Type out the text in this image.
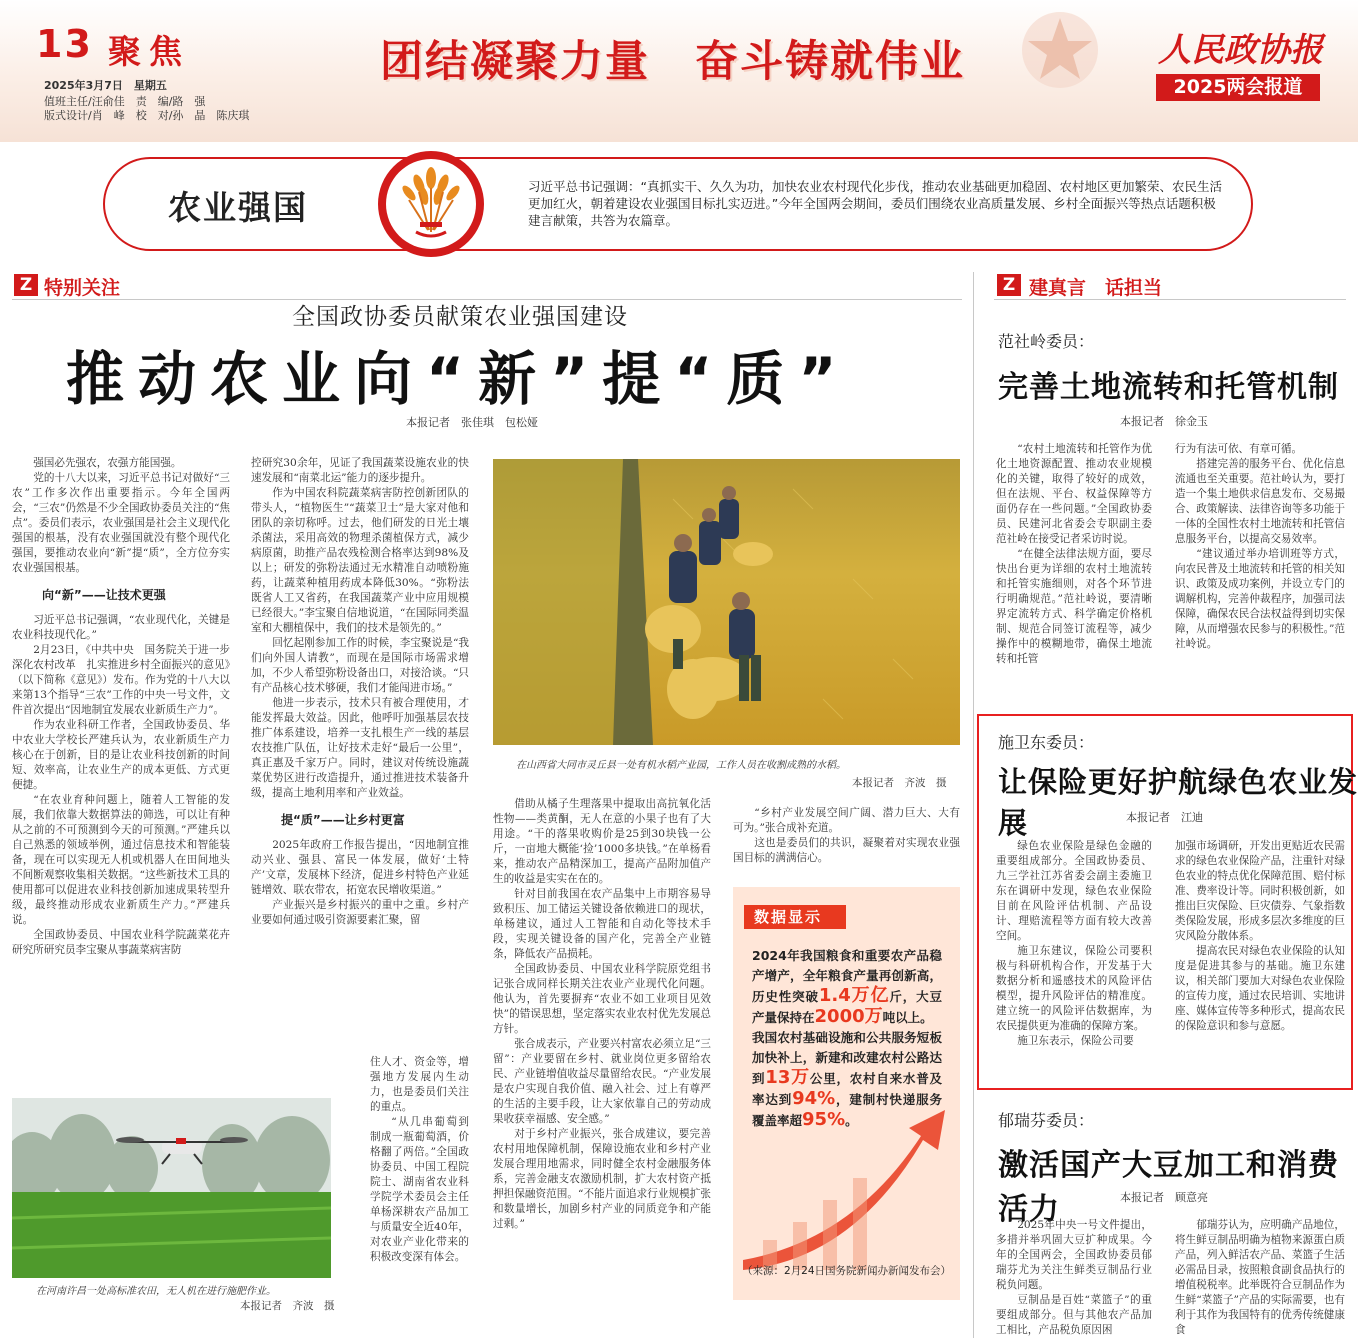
13 聚焦
2025年3月7日　星期五
值班主任/汪俞佳　责　编/路　强
版式设计/肖　峰　校　对/孙　晶　陈庆琪
团结凝聚力量　奋斗铸就伟业	人民政协报
2025两会报道
农业强国
习近平总书记强调：“真抓实干、久久为功，加快农业农村现代化步伐，推动农业基础更加稳固、农村地区更加繁荣、农民生活更加红火，朝着建设农业强国目标扎实迈进。”今年全国两会期间，委员们围绕农业高质量发展、乡村全面振兴等热点话题积极建言献策，共答为农篇章。
Z 特别关注
全国政协委员献策农业强国建设
推动农业向“新”提“质”
本报记者　张佳琪　包松娅

强国必先强农，农强方能国强。

党的十八大以来，习近平总书记对做好“三农”工作多次作出重要指示。今年全国两会，“三农”仍然是不少全国政协委员关注的“焦点”。委员们表示，农业强国是社会主义现代化强国的根基，没有农业强国就没有整个现代化强国，要推动农业向“新”提“质”，全方位夯实农业强国根基。

向“新”——让技术更强

习近平总书记强调，“农业现代化，关键是农业科技现代化。”

2月23日，《中共中央　国务院关于进一步深化农村改革　扎实推进乡村全面振兴的意见》（以下简称《意见》）发布。作为党的十八大以来第13个指导“三农”工作的中央一号文件，文件首次提出“因地制宜发展农业新质生产力”。

作为农业科研工作者，全国政协委员、华中农业大学校长严建兵认为，农业新质生产力核心在于创新，目的是让农业科技创新的时间短、效率高，让农业生产的成本更低、方式更便捷。

“在农业育种问题上，随着人工智能的发展，我们依靠大数据算法的筛选，可以让有种从之前的不可预测到今天的可预测。”严建兵以自己熟悉的领域举例，通过信息技术和智能装备，现在可以实现无人机或机器人在田间地头不间断观察收集相关数据。“这些新技术工具的使用都可以促进农业科技创新加速成果转型升级，最终推动形成农业新质生产力。”严建兵说。

全国政协委员、中国农业科学院蔬菜花卉研究所研究员李宝聚从事蔬菜病害防

控研究30余年，见证了我国蔬菜设施农业的快速发展和“南菜北运”能力的逐步提升。

作为中国农科院蔬菜病害防控创新团队的带头人，“植物医生”“蔬菜卫士”是大家对他和团队的亲切称呼。过去，他们研发的日光土壤杀菌法，采用高效的物理杀菌植保方式，减少病原菌，助推产品农残检测合格率达到98%及以上；研发的弥粉法通过无水精准自动喷粉施药，让蔬菜种植用药成本降低30%。“弥粉法既省人工又省药，在我国蔬菜产业中应用规模已经很大。”李宝聚自信地说道，“在国际同类温室和大棚植保中，我们的技术是领先的。”

回忆起刚参加工作的时候，李宝聚说是“我们向外国人请教”，而现在是国际市场需求增加，不少人希望弥粉设备出口，对接洽谈。“只有产品核心技术够硬，我们才能闯进市场。”

他进一步表示，技术只有被合理使用，才能发挥最大效益。因此，他呼吁加强基层农技推广体系建设，培养一支扎根生产一线的基层农技推广队伍，让好技术走好“最后一公里”，真正惠及千家万户。同时，建议对传统设施蔬菜优势区进行改造提升，通过推进技术装备升级，提高土地利用率和产业效益。

提“质”——让乡村更富

2025年政府工作报告提出，“因地制宜推动兴业、强县、富民一体发展，做好‘土特产’文章，发展林下经济，促进乡村特色产业延链增效、联农带农，拓宽农民增收渠道。”

产业振兴是乡村振兴的重中之重。乡村产业要如何通过吸引资源要素汇聚，留

住人才、资金等，增强地方发展内生动力，也是委员们关注的重点。

“从几串葡萄到制成一瓶葡萄酒，价格翻了两倍。”全国政协委员、中国工程院院士、湖南省农业科学院学术委员会主任单杨深耕农产品加工与质量安全近40年，对农业产业化带来的积极改变深有体会。

在山西省大同市灵丘县一处有机水稻产业园，工作人员在收割成熟的水稻。
本报记者　齐波　摄

借助从橘子生理落果中提取出高抗氧化活性物——类黄酮，无人在意的小果子也有了大用途。“干的落果收购价是25到30块钱一公斤，一亩地大概能‘捡’1000多块钱。”在单杨看来，推动农产品精深加工，提高产品附加值产生的收益是实实在在的。

针对目前我国在农产品集中上市期容易导致积压、加工储运关键设备依赖进口的现状，单杨建议，通过人工智能和自动化等技术手段，实现关键设备的国产化，完善全产业链条，降低农产品损耗。

全国政协委员、中国农业科学院原党组书记张合成同样长期关注农业产业现代化问题。他认为，首先要摒弃“农业不如工业项目见效快”的错误思想，坚定落实农业农村优先发展总方针。

张合成表示，产业要兴村富农必须立足“三留”：产业要留在乡村、就业岗位更多留给农民、产业链增值收益尽量留给农民。“产业发展是农户实现自我价值、融入社会、过上有尊严的生活的主要手段，让大家依靠自己的劳动成果收获幸福感、安全感。”

对于乡村产业振兴，张合成建议，要完善农村用地保障机制，保障设施农业和乡村产业发展合理用地需求，同时健全农村金融服务体系，完善金融支农激励机制，扩大农村资产抵押担保融资范围。“不能片面追求行业规模扩张和数量增长，加剧乡村产业的同质竞争和产能过剩。”

“乡村产业发展空间广阔、潜力巨大、大有可为。”张合成补充道。

这也是委员们的共识，凝聚着对实现农业强国目标的满满信心。

数据显示
2024年我国粮食和重要农产品稳产增产，全年粮食产量再创新高，历史性突破1.4万亿斤，大豆产量保持在2000万吨以上。
我国农村基础设施和公共服务短板加快补上，新建和改建农村公路达到13万公里，农村自来水普及率达到94%，建制村快递服务覆盖率超95%。
（来源：2月24日国务院新闻办新闻发布会）
在河南许昌一处高标准农田，无人机在进行施肥作业。
本报记者　齐波　摄
Z 建真言　话担当
范社岭委员：
完善土地流转和托管机制
本报记者　徐金玉

“农村土地流转和托管作为优化土地资源配置、推动农业规模化的关键，取得了较好的成效，但在法规、平台、权益保障等方面仍存在一些问题。”全国政协委员、民建河北省委会专职副主委范社岭在接受记者采访时说。

“在健全法律法规方面，要尽快出台更为详细的农村土地流转和托管实施细则，对各个环节进行明确规范。”范社岭说，要清晰界定流转方式、科学确定价格机制、规范合同签订流程等，减少操作中的模糊地带，确保土地流转和托管

行为有法可依、有章可循。

搭建完善的服务平台、优化信息流通也至关重要。范社岭认为，要打造一个集土地供求信息发布、交易撮合、政策解读、法律咨询等多功能于一体的全国性农村土地流转和托管信息服务平台，以提高交易效率。

“建议通过举办培训班等方式，向农民普及土地流转和托管的相关知识、政策及成功案例，并设立专门的调解机构，完善仲裁程序，加强司法保障，确保农民合法权益得到切实保障，从而增强农民参与的积极性。”范社岭说。

施卫东委员：
让保险更好护航绿色农业发展	本报记者　江迪

绿色农业保险是绿色金融的重要组成部分。全国政协委员、九三学社江苏省委会副主委施卫东在调研中发现，绿色农业保险目前在风险评估机制、产品设计、理赔流程等方面有较大改善空间。

施卫东建议，保险公司要积极与科研机构合作，开发基于大数据分析和遥感技术的风险评估模型，提升风险评估的精准度。建立统一的风险评估数据库，为农民提供更为准确的保障方案。

施卫东表示，保险公司要

加强市场调研，开发出更贴近农民需求的绿色农业保险产品，注重针对绿色农业的特点优化保障范围、赔付标准、费率设计等。同时积极创新，如推出巨灾保险、巨灾债券、气象指数类保险发展，形成多层次多维度的巨灾风险分散体系。

提高农民对绿色农业保险的认知度是促进其参与的基础。施卫东建议，相关部门要加大对绿色农业保险的宣传力度，通过农民培训、实地讲座、媒体宣传等多种形式，提高农民的保险意识和参与意愿。

郁瑞芬委员：
激活国产大豆加工和消费活力	本报记者　顾意亮

2025年中央一号文件提出，多措并举巩固大豆扩种成果。今年的全国两会，全国政协委员郁瑞芬尤为关注生鲜类豆制品行业税负问题。

豆制品是百姓“菜篮子”的重要组成部分。但与其他农产品加工相比，产品税负原因困

郁瑞芬认为，应明确产品地位，将生鲜豆制品明确为植物来源蛋白质产品，列入鲜活农产品、菜篮子生活必需品目录，按照粮食副食品执行的增值税税率。此举既符合豆制品作为生鲜“菜篮子”产品的实际需要，也有利于其作为我国特有的优秀传统健康食
